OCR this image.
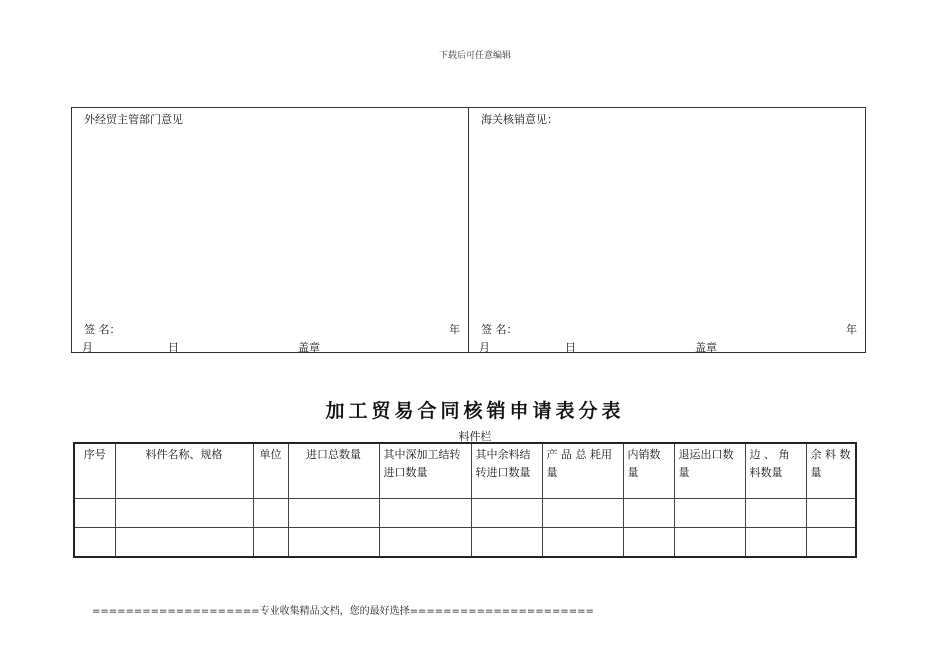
下载后可任意编辑
外经贸主管部门意见
签 名：	年
月	日	盖章
海关核销意见：
签 名：	年
月	日	盖章
加工贸易合同核销申请表分表
料件栏
序号	料件名称、规格	单位	进口总数量	其中深加工结转进口数量	其中余料结转进口数量	产 品 总 耗用量	内销数量	退运出口数量	边 、 角 料数量	余 料 数量

====================专业收集精品文档，您的最好选择======================
